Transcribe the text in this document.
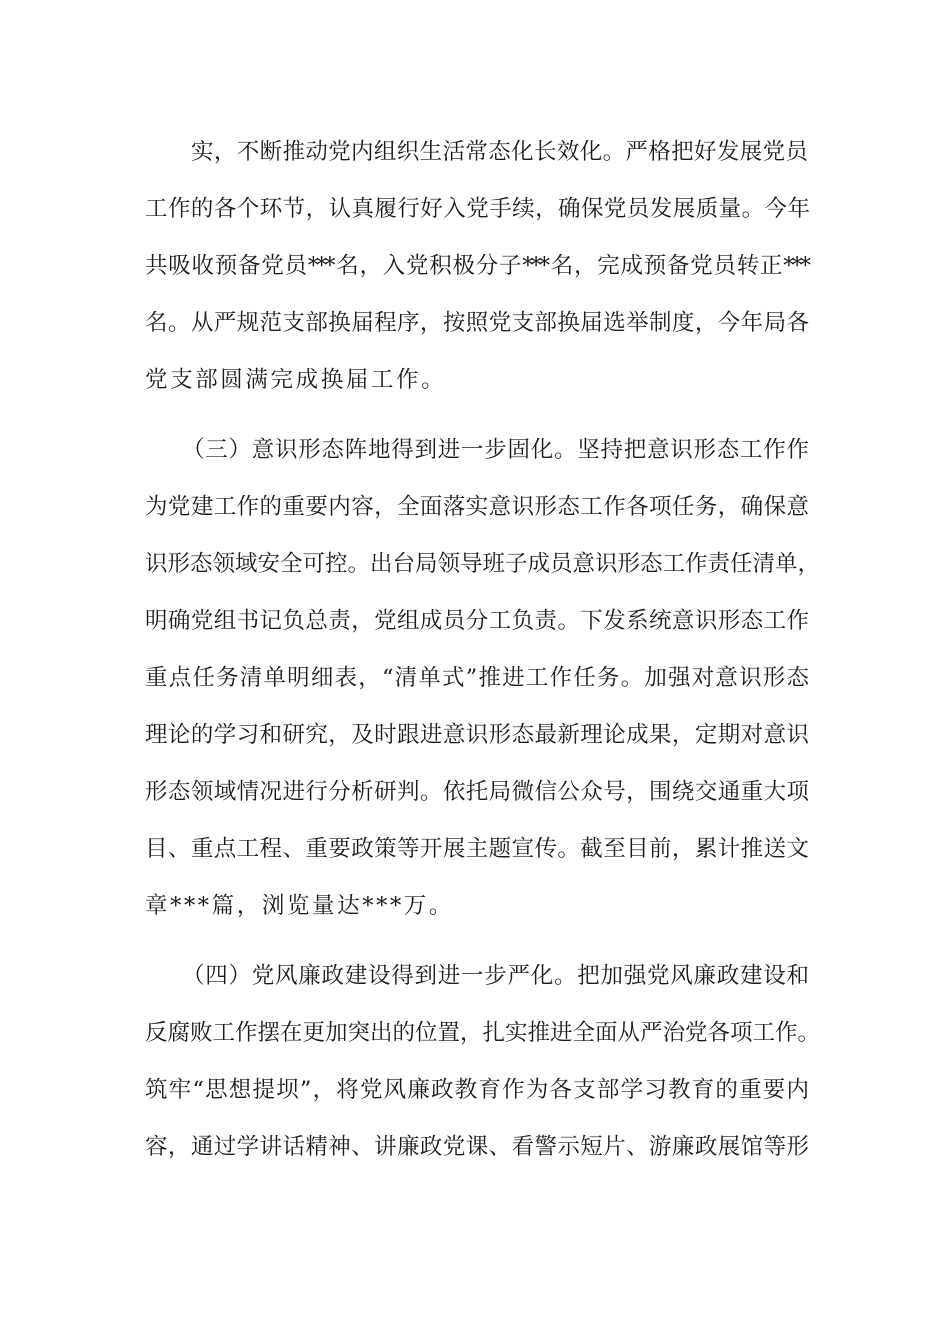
实，不断推动党内组织生活常态化长效化。严格把好发展党员
工作的各个环节，认真履行好入党手续，确保党员发展质量。今年
共吸收预备党员***名，入党积极分子***名，完成预备党员转正***
名。从严规范支部换届程序，按照党支部换届选举制度，今年局各
党支部圆满完成换届工作。
（三）意识形态阵地得到进一步固化。坚持把意识形态工作作
为党建工作的重要内容，全面落实意识形态工作各项任务，确保意
识形态领域安全可控。出台局领导班子成员意识形态工作责任清单，
明确党组书记负总责，党组成员分工负责。下发系统意识形态工作
重点任务清单明细表，“清单式”推进工作任务。加强对意识形态
理论的学习和研究，及时跟进意识形态最新理论成果，定期对意识
形态领域情况进行分析研判。依托局微信公众号，围绕交通重大项
目、重点工程、重要政策等开展主题宣传。截至目前，累计推送文
章***篇，浏览量达***万。
（四）党风廉政建设得到进一步严化。把加强党风廉政建设和
反腐败工作摆在更加突出的位置，扎实推进全面从严治党各项工作。
筑牢“思想提坝”，将党风廉政教育作为各支部学习教育的重要内
容，通过学讲话精神、讲廉政党课、看警示短片、游廉政展馆等形
